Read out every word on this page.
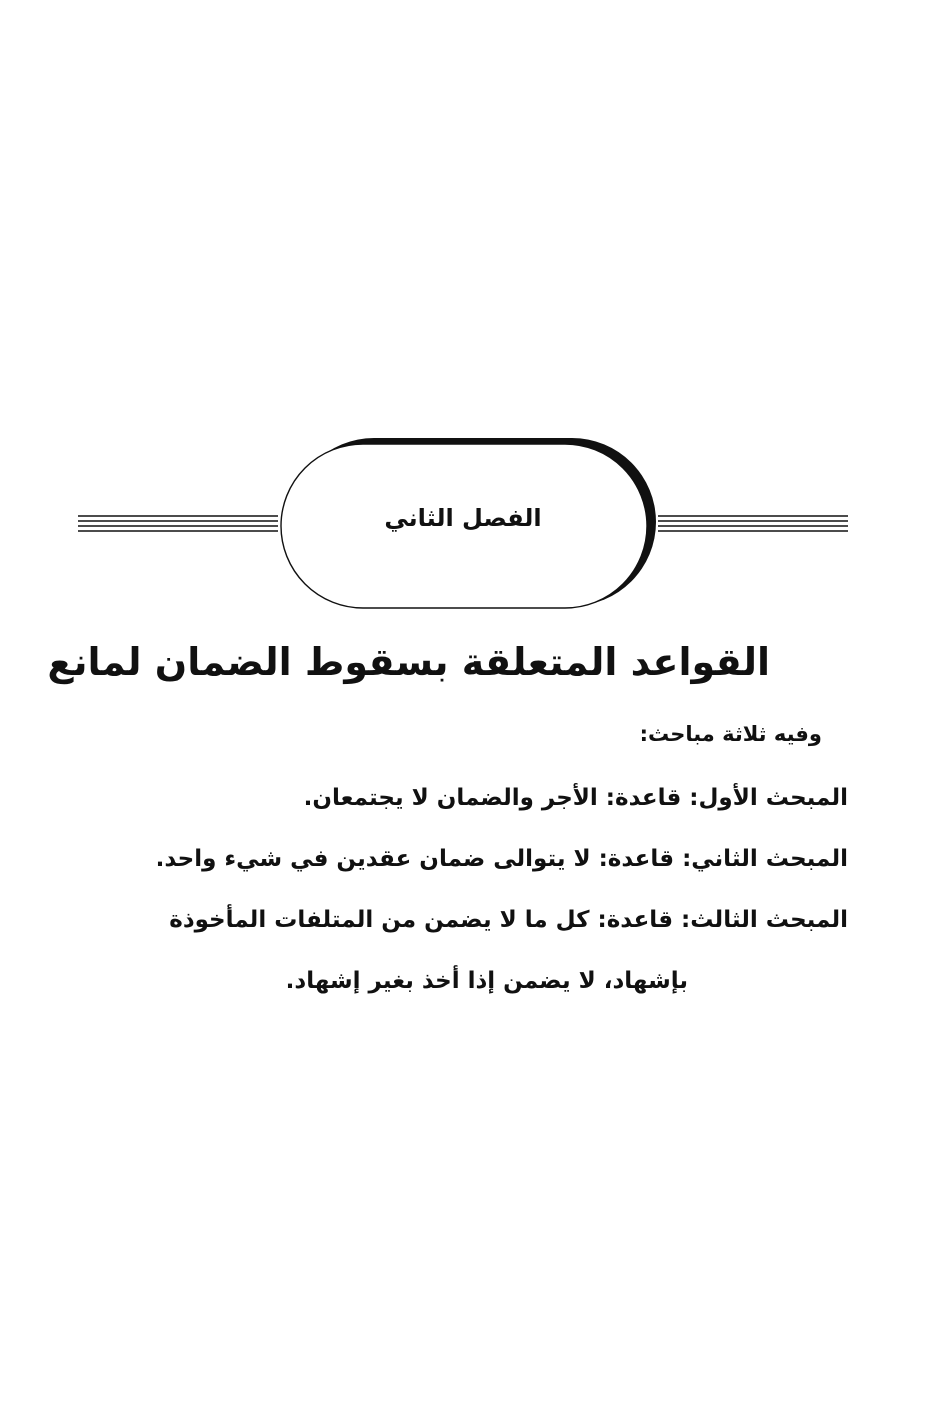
الفصل الثاني
القواعد المتعلقة بسقوط الضمان لمانع
وفيه ثلاثة مباحث:
المبحث الأول: قاعدة: الأجر والضمان لا يجتمعان.
المبحث الثاني: قاعدة: لا يتوالى ضمان عقدين في شيء واحد.
المبحث الثالث: قاعدة: كل ما لا يضمن من المتلفات المأخوذة
بإشهاد، لا يضمن إذا أخذ بغير إشهاد.
